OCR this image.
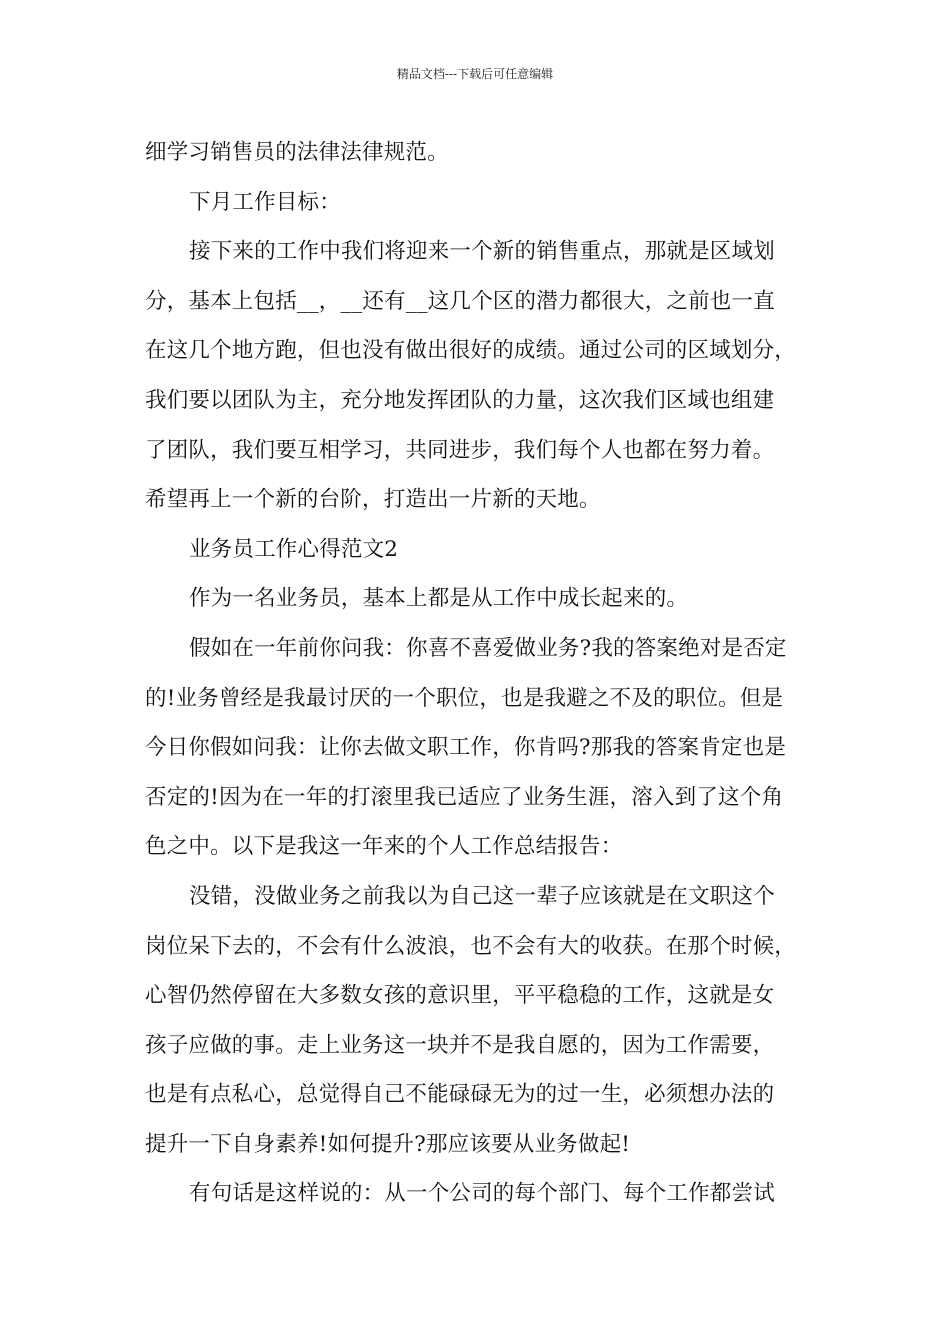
精品文档---下载后可任意编辑
细学习销售员的法律法律规范。
下月工作目标：
接下来的工作中我们将迎来一个新的销售重点，那就是区域划
分，基本上包括__，__还有__这几个区的潜力都很大，之前也一直
在这几个地方跑，但也没有做出很好的成绩。通过公司的区域划分，
我们要以团队为主，充分地发挥团队的力量，这次我们区域也组建
了团队，我们要互相学习，共同进步，我们每个人也都在努力着。
希望再上一个新的台阶，打造出一片新的天地。
业务员工作心得范文2
作为一名业务员，基本上都是从工作中成长起来的。
假如在一年前你问我：你喜不喜爱做业务?我的答案绝对是否定
的!业务曾经是我最讨厌的一个职位，也是我避之不及的职位。但是
今日你假如问我：让你去做文职工作，你肯吗?那我的答案肯定也是
否定的!因为在一年的打滚里我已适应了业务生涯，溶入到了这个角
色之中。以下是我这一年来的个人工作总结报告：
没错，没做业务之前我以为自己这一辈子应该就是在文职这个
岗位呆下去的，不会有什么波浪，也不会有大的收获。在那个时候，
心智仍然停留在大多数女孩的意识里，平平稳稳的工作，这就是女
孩子应做的事。走上业务这一块并不是我自愿的，因为工作需要，
也是有点私心，总觉得自己不能碌碌无为的过一生，必须想办法的
提升一下自身素养!如何提升?那应该要从业务做起!
有句话是这样说的：从一个公司的每个部门、每个工作都尝试
